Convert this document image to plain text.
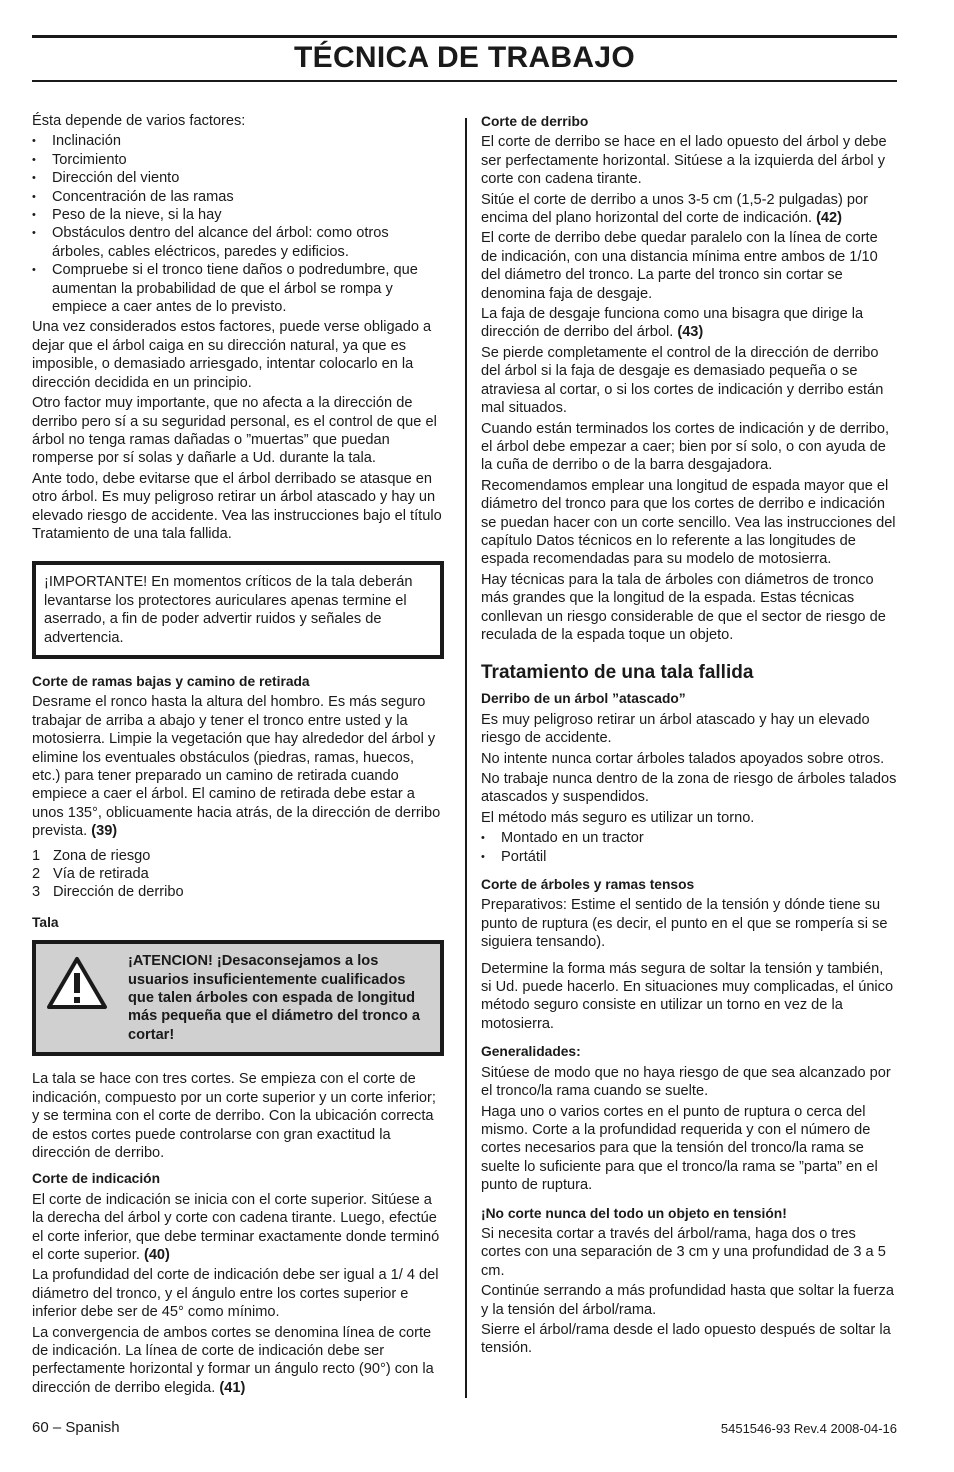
TÉCNICA DE TRABAJO

Ésta depende de varios factores:

• Inclinación
• Torcimiento
• Dirección del viento
• Concentración de las ramas
• Peso de la nieve, si la hay
• Obstáculos dentro del alcance del árbol: como otros árboles, cables eléctricos, paredes y edificios.
• Compruebe si el tronco tiene daños o podredumbre, que aumentan la probabilidad de que el árbol se rompa y empiece a caer antes de lo previsto.

Una vez considerados estos factores, puede verse obligado a dejar que el árbol caiga en su dirección natural, ya que es imposible, o demasiado arriesgado, intentar colocarlo en la dirección decidida en un principio.

Otro factor muy importante, que no afecta a la dirección de derribo pero sí a su seguridad personal, es el control de que el árbol no tenga ramas dañadas o ”muertas” que puedan romperse por sí solas y dañarle a Ud. durante la tala.

Ante todo, debe evitarse que el árbol derribado se atasque en otro árbol. Es muy peligroso retirar un árbol atascado y hay un elevado riesgo de accidente. Vea las instrucciones bajo el título Tratamiento de una tala fallida.

¡IMPORTANTE! En momentos críticos de la tala deberán levantarse los protectores auriculares apenas termine el aserrado, a fin de poder advertir ruidos y señales de advertencia.
Corte de ramas bajas y camino de retirada

Desrame el ronco hasta la altura del hombro. Es más seguro trabajar de arriba a abajo y tener el tronco entre usted y la motosierra. Limpie la vegetación que hay alrededor del árbol y elimine los eventuales obstáculos (piedras, ramas, huecos, etc.) para tener preparado un camino de retirada cuando empiece a caer el árbol. El camino de retirada debe estar a unos 135°, oblicuamente hacia atrás, de la dirección de derribo prevista. (39)

1 Zona de riesgo
2 Vía de retirada
3 Dirección de derribo
Tala
¡ATENCION! ¡Desaconsejamos a los usuarios insuficientemente cualificados que talen árboles con espada de longitud más pequeña que el diámetro del tronco a cortar!

La tala se hace con tres cortes. Se empieza con el corte de indicación, compuesto por un corte superior y un corte inferior; y se termina con el corte de derribo. Con la ubicación correcta de estos cortes puede controlarse con gran exactitud la dirección de derribo.

Corte de indicación

El corte de indicación se inicia con el corte superior. Sitúese a la derecha del árbol y corte con cadena tirante. Luego, efectúe el corte inferior, que debe terminar exactamente donde terminó el corte superior. (40)

La profundidad del corte de indicación debe ser igual a 1/ 4 del diámetro del tronco, y el ángulo entre los cortes superior e inferior debe ser de 45° como mínimo.

La convergencia de ambos cortes se denomina línea de corte de indicación. La línea de corte de indicación debe ser perfectamente horizontal y formar un ángulo recto (90°) con la dirección de derribo elegida. (41)

Corte de derribo

El corte de derribo se hace en el lado opuesto del árbol y debe ser perfectamente horizontal. Sitúese a la izquierda del árbol y corte con cadena tirante.

Sitúe el corte de derribo a unos 3-5 cm (1,5-2 pulgadas) por encima del plano horizontal del corte de indicación. (42)

El corte de derribo debe quedar paralelo con la línea de corte de indicación, con una distancia mínima entre ambos de 1/10 del diámetro del tronco. La parte del tronco sin cortar se denomina faja de desgaje.

La faja de desgaje funciona como una bisagra que dirige la dirección de derribo del árbol. (43)

Se pierde completamente el control de la dirección de derribo del árbol si la faja de desgaje es demasiado pequeña o se atraviesa al cortar, o si los cortes de indicación y derribo están mal situados.

Cuando están terminados los cortes de indicación y de derribo, el árbol debe empezar a caer; bien por sí solo, o con ayuda de la cuña de derribo o de la barra desgajadora.

Recomendamos emplear una longitud de espada mayor que el diámetro del tronco para que los cortes de derribo e indicación se puedan hacer con un corte sencillo. Vea las instrucciones del capítulo Datos técnicos en lo referente a las longitudes de espada recomendadas para su modelo de motosierra.

Hay técnicas para la tala de árboles con diámetros de tronco más grandes que la longitud de la espada. Estas técnicas conllevan un riesgo considerable de que el sector de riesgo de reculada de la espada toque un objeto.

Tratamiento de una tala fallida
Derribo de un árbol ”atascado”

Es muy peligroso retirar un árbol atascado y hay un elevado riesgo de accidente.

No intente nunca cortar árboles talados apoyados sobre otros.

No trabaje nunca dentro de la zona de riesgo de árboles talados atascados y suspendidos.

El método más seguro es utilizar un torno.

• Montado en un tractor
• Portátil
Corte de árboles y ramas tensos

Preparativos: Estime el sentido de la tensión y dónde tiene su punto de ruptura (es decir, el punto en el que se rompería si se siguiera tensando).

Determine la forma más segura de soltar la tensión y también, si Ud. puede hacerlo. En situaciones muy complicadas, el único método seguro consiste en utilizar un torno en vez de la motosierra.

Generalidades:

Sitúese de modo que no haya riesgo de que sea alcanzado por el tronco/la rama cuando se suelte.

Haga uno o varios cortes en el punto de ruptura o cerca del mismo. Corte a la profundidad requerida y con el número de cortes necesarios para que la tensión del tronco/la rama se suelte lo suficiente para que el tronco/la rama se ”parta” en el punto de ruptura.

¡No corte nunca del todo un objeto en tensión!

Si necesita cortar a través del árbol/rama, haga dos o tres cortes con una separación de 3 cm y una profundidad de 3 a 5 cm.

Continúe serrando a más profundidad hasta que soltar la fuerza y la tensión del árbol/rama.

Sierre el árbol/rama desde el lado opuesto después de soltar la tensión.

60 – Spanish	5451546-93 Rev.4 2008-04-16
